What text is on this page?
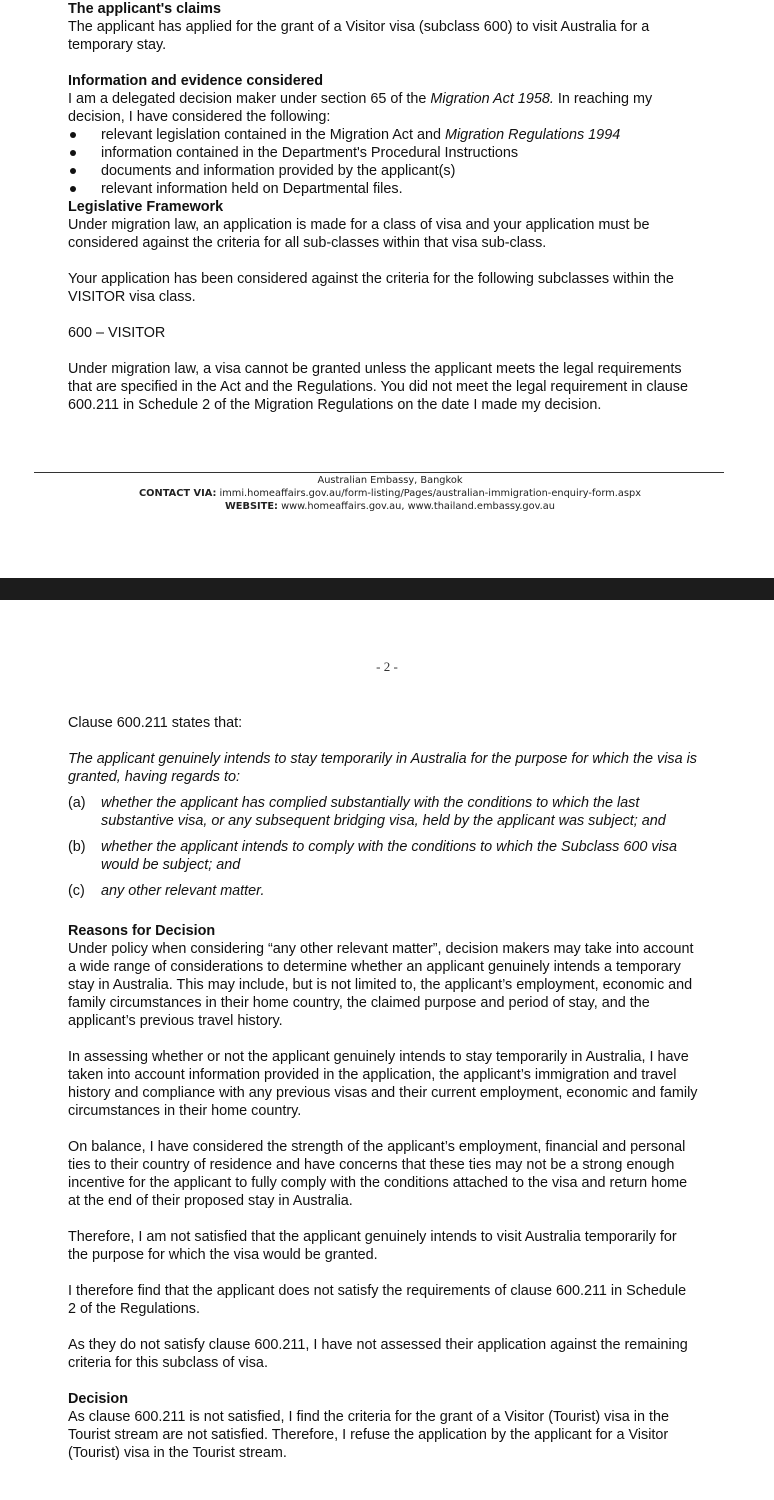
The applicant's claims

The applicant has applied for the grant of a Visitor visa (subclass 600) to visit Australia for a temporary stay.

Information and evidence considered

I am a delegated decision maker under section 65 of the Migration Act 1958. In reaching my decision, I have considered the following:

relevant legislation contained in the Migration Act and Migration Regulations 1994
information contained in the Department's Procedural Instructions
documents and information provided by the applicant(s)
relevant information held on Departmental files.
Legislative Framework

Under migration law, an application is made for a class of visa and your application must be considered against the criteria for all sub-classes within that visa sub-class.

Your application has been considered against the criteria for the following subclasses within the VISITOR visa class.

600 – VISITOR

Under migration law, a visa cannot be granted unless the applicant meets the legal requirements that are specified in the Act and the Regulations. You did not meet the legal requirement in clause 600.211 in Schedule 2 of the Migration Regulations on the date I made my decision.

Australian Embassy, Bangkok
CONTACT VIA: immi.homeaffairs.gov.au/form-listing/Pages/australian-immigration-enquiry-form.aspx WEBSITE: www.homeaffairs.gov.au, www.thailand.embassy.gov.au
- 2 -

Clause 600.211 states that:

The applicant genuinely intends to stay temporarily in Australia for the purpose for which the visa is granted, having regards to:

(a)	whether the applicant has complied substantially with the conditions to which the last substantive visa, or any subsequent bridging visa, held by the applicant was subject; and
(b)	whether the applicant intends to comply with the conditions to which the Subclass 600 visa would be subject; and
(c)	any other relevant matter.
Reasons for Decision

Under policy when considering “any other relevant matter”, decision makers may take into account a wide range of considerations to determine whether an applicant genuinely intends a temporary stay in Australia. This may include, but is not limited to, the applicant’s employment, economic and family circumstances in their home country, the claimed purpose and period of stay, and the applicant’s previous travel history.

In assessing whether or not the applicant genuinely intends to stay temporarily in Australia, I have taken into account information provided in the application, the applicant’s immigration and travel history and compliance with any previous visas and their current employment, economic and family circumstances in their home country.

On balance, I have considered the strength of the applicant’s employment, financial and personal ties to their country of residence and have concerns that these ties may not be a strong enough incentive for the applicant to fully comply with the conditions attached to the visa and return home at the end of their proposed stay in Australia.

Therefore, I am not satisfied that the applicant genuinely intends to visit Australia temporarily for the purpose for which the visa would be granted.

I therefore find that the applicant does not satisfy the requirements of clause 600.211 in Schedule 2 of the Regulations.

As they do not satisfy clause 600.211, I have not assessed their application against the remaining criteria for this subclass of visa.

Decision

As clause 600.211 is not satisfied, I find the criteria for the grant of a Visitor (Tourist) visa in the Tourist stream are not satisfied. Therefore, I refuse the application by the applicant for a Visitor (Tourist) visa in the Tourist stream.
